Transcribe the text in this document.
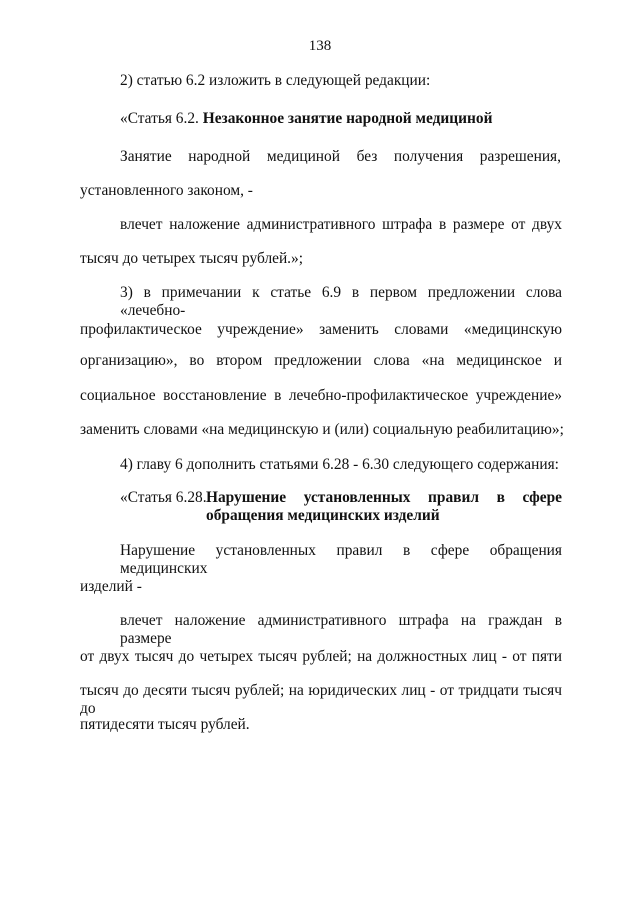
138
2) статью 6.2 изложить в следующей редакции:
«Статья 6.2. Незаконное занятие народной медициной
Занятие народной медициной без получения разрешения,
установленного законом, -
влечет наложение административного штрафа в размере от двух
тысяч до четырех тысяч рублей.»;
3) в примечании к статье 6.9 в первом предложении слова «лечебно-
профилактическое учреждение» заменить словами «медицинскую
организацию», во втором предложении слова «на медицинское и
социальное восстановление в лечебно-профилактическое учреждение»
заменить словами «на медицинскую и (или) социальную реабилитацию»;
4) главу 6 дополнить статьями 6.28 - 6.30 следующего содержания:
«Статья 6.28. Нарушение установленных правил в сфере
обращения медицинских изделий
Нарушение установленных правил в сфере обращения медицинских
изделий -
влечет наложение административного штрафа на граждан в размере
от двух тысяч до четырех тысяч рублей; на должностных лиц - от пяти
тысяч до десяти тысяч рублей; на юридических лиц - от тридцати тысяч до
пятидесяти тысяч рублей.
